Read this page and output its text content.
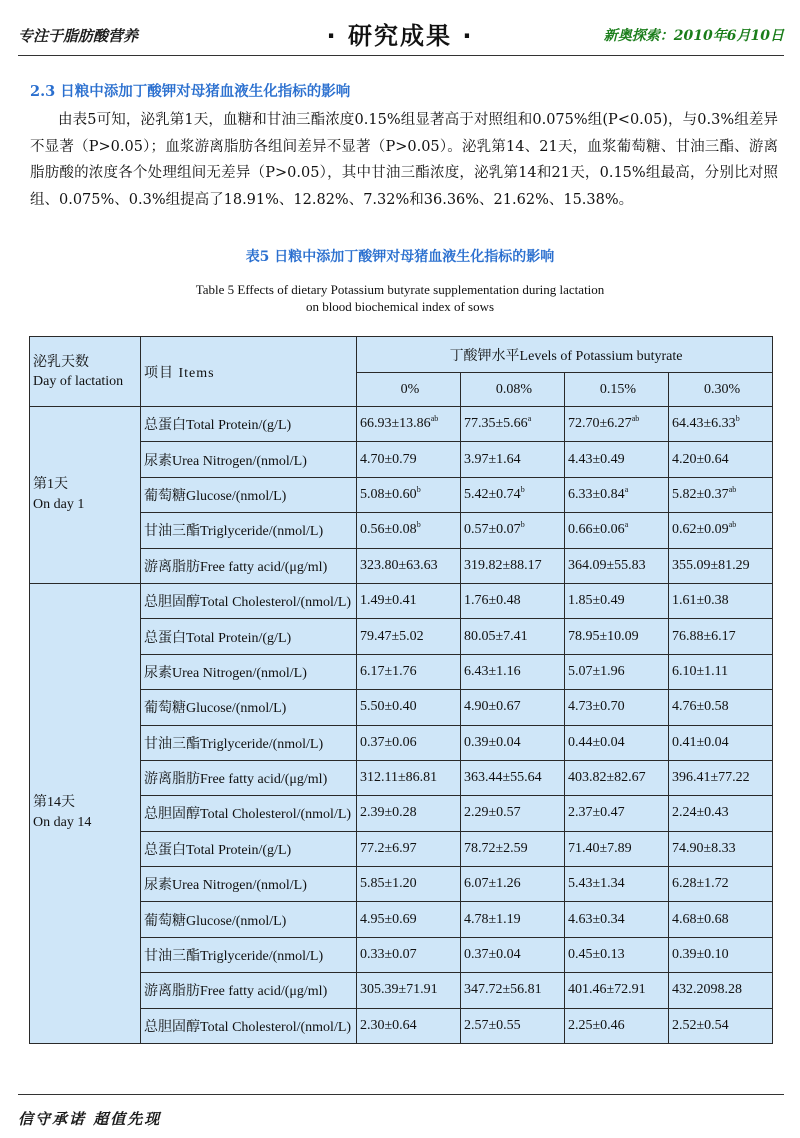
专注于脂肪酸营养	· 研究成果 ·	新奥探索：2010年6月10日
2.3 日粮中添加丁酸钾对母猪血液生化指标的影响
由表5可知，泌乳第1天，血糖和甘油三酯浓度0.15%组显著高于对照组和0.075%组(P<0.05)，与0.3%组差异不显著（P>0.05）；血浆游离脂肪各组间差异不显著（P>0.05）。泌乳第14、21天，血浆葡萄糖、甘油三酯、游离脂肪酸的浓度各个处理组间无差异（P>0.05），其中甘油三酯浓度，泌乳第14和21天，0.15%组最高，分别比对照组、0.075%、0.3%组提高了18.91%、12.82%、7.32%和36.36%、21.62%、15.38%。
表5 日粮中添加丁酸钾对母猪血液生化指标的影响
Table 5 Effects of dietary Potassium butyrate supplementation during lactation
on blood biochemical index of sows
泌乳天数
Day of lactation	项目 Items	丁酸钾水平Levels of Potassium butyrate			
		0%	0.08%	0.15%	0.30%

第1天
On day 1	总蛋白Total Protein/(g/L)	66.93±13.86$^{ab}$	77.35±5.66$^a$	72.70±6.27$^{ab}$	64.43±6.33$^b$
	尿素Urea Nitrogen/(nmol/L)	4.70±0.79	3.97±1.64	4.43±0.49	4.20±0.64
	葡萄糖Glucose/(nmol/L)	5.08±0.60$^b$	5.42±0.74$^b$	6.33±0.84$^a$	5.82±0.37$^{ab}$
	甘油三酯Triglyceride/(nmol/L)	0.56±0.08$^b$	0.57±0.07$^b$	0.66±0.06$^a$	0.62±0.09$^{ab}$
	游离脂肪Free fatty acid/(μg/ml)	323.80±63.63	319.82±88.17	364.09±55.83	355.09±81.29

第14天
On day 14	总胆固醇Total Cholesterol/(nmol/L)	1.49±0.41	1.76±0.48	1.85±0.49	1.61±0.38
	总蛋白Total Protein/(g/L)	79.47±5.02	80.05±7.41	78.95±10.09	76.88±6.17
	尿素Urea Nitrogen/(nmol/L)	6.17±1.76	6.43±1.16	5.07±1.96	6.10±1.11
	葡萄糖Glucose/(nmol/L)	5.50±0.40	4.90±0.67	4.73±0.70	4.76±0.58
	甘油三酯Triglyceride/(nmol/L)	0.37±0.06	0.39±0.04	0.44±0.04	0.41±0.04
	游离脂肪Free fatty acid/(μg/ml)	312.11±86.81	363.44±55.64	403.82±82.67	396.41±77.22
	总胆固醇Total Cholesterol/(nmol/L)	2.39±0.28	2.29±0.57	2.37±0.47	2.24±0.43
	总蛋白Total Protein/(g/L)	77.2±6.97	78.72±2.59	71.40±7.89	74.90±8.33
	尿素Urea Nitrogen/(nmol/L)	5.85±1.20	6.07±1.26	5.43±1.34	6.28±1.72
	葡萄糖Glucose/(nmol/L)	4.95±0.69	4.78±1.19	4.63±0.34	4.68±0.68
	甘油三酯Triglyceride/(nmol/L)	0.33±0.07	0.37±0.04	0.45±0.13	0.39±0.10
	游离脂肪Free fatty acid/(μg/ml)	305.39±71.91	347.72±56.81	401.46±72.91	432.2098.28
	总胆固醇Total Cholesterol/(nmol/L)	2.30±0.64	2.57±0.55	2.25±0.46	2.52±0.54
信守承诺 超值先现
